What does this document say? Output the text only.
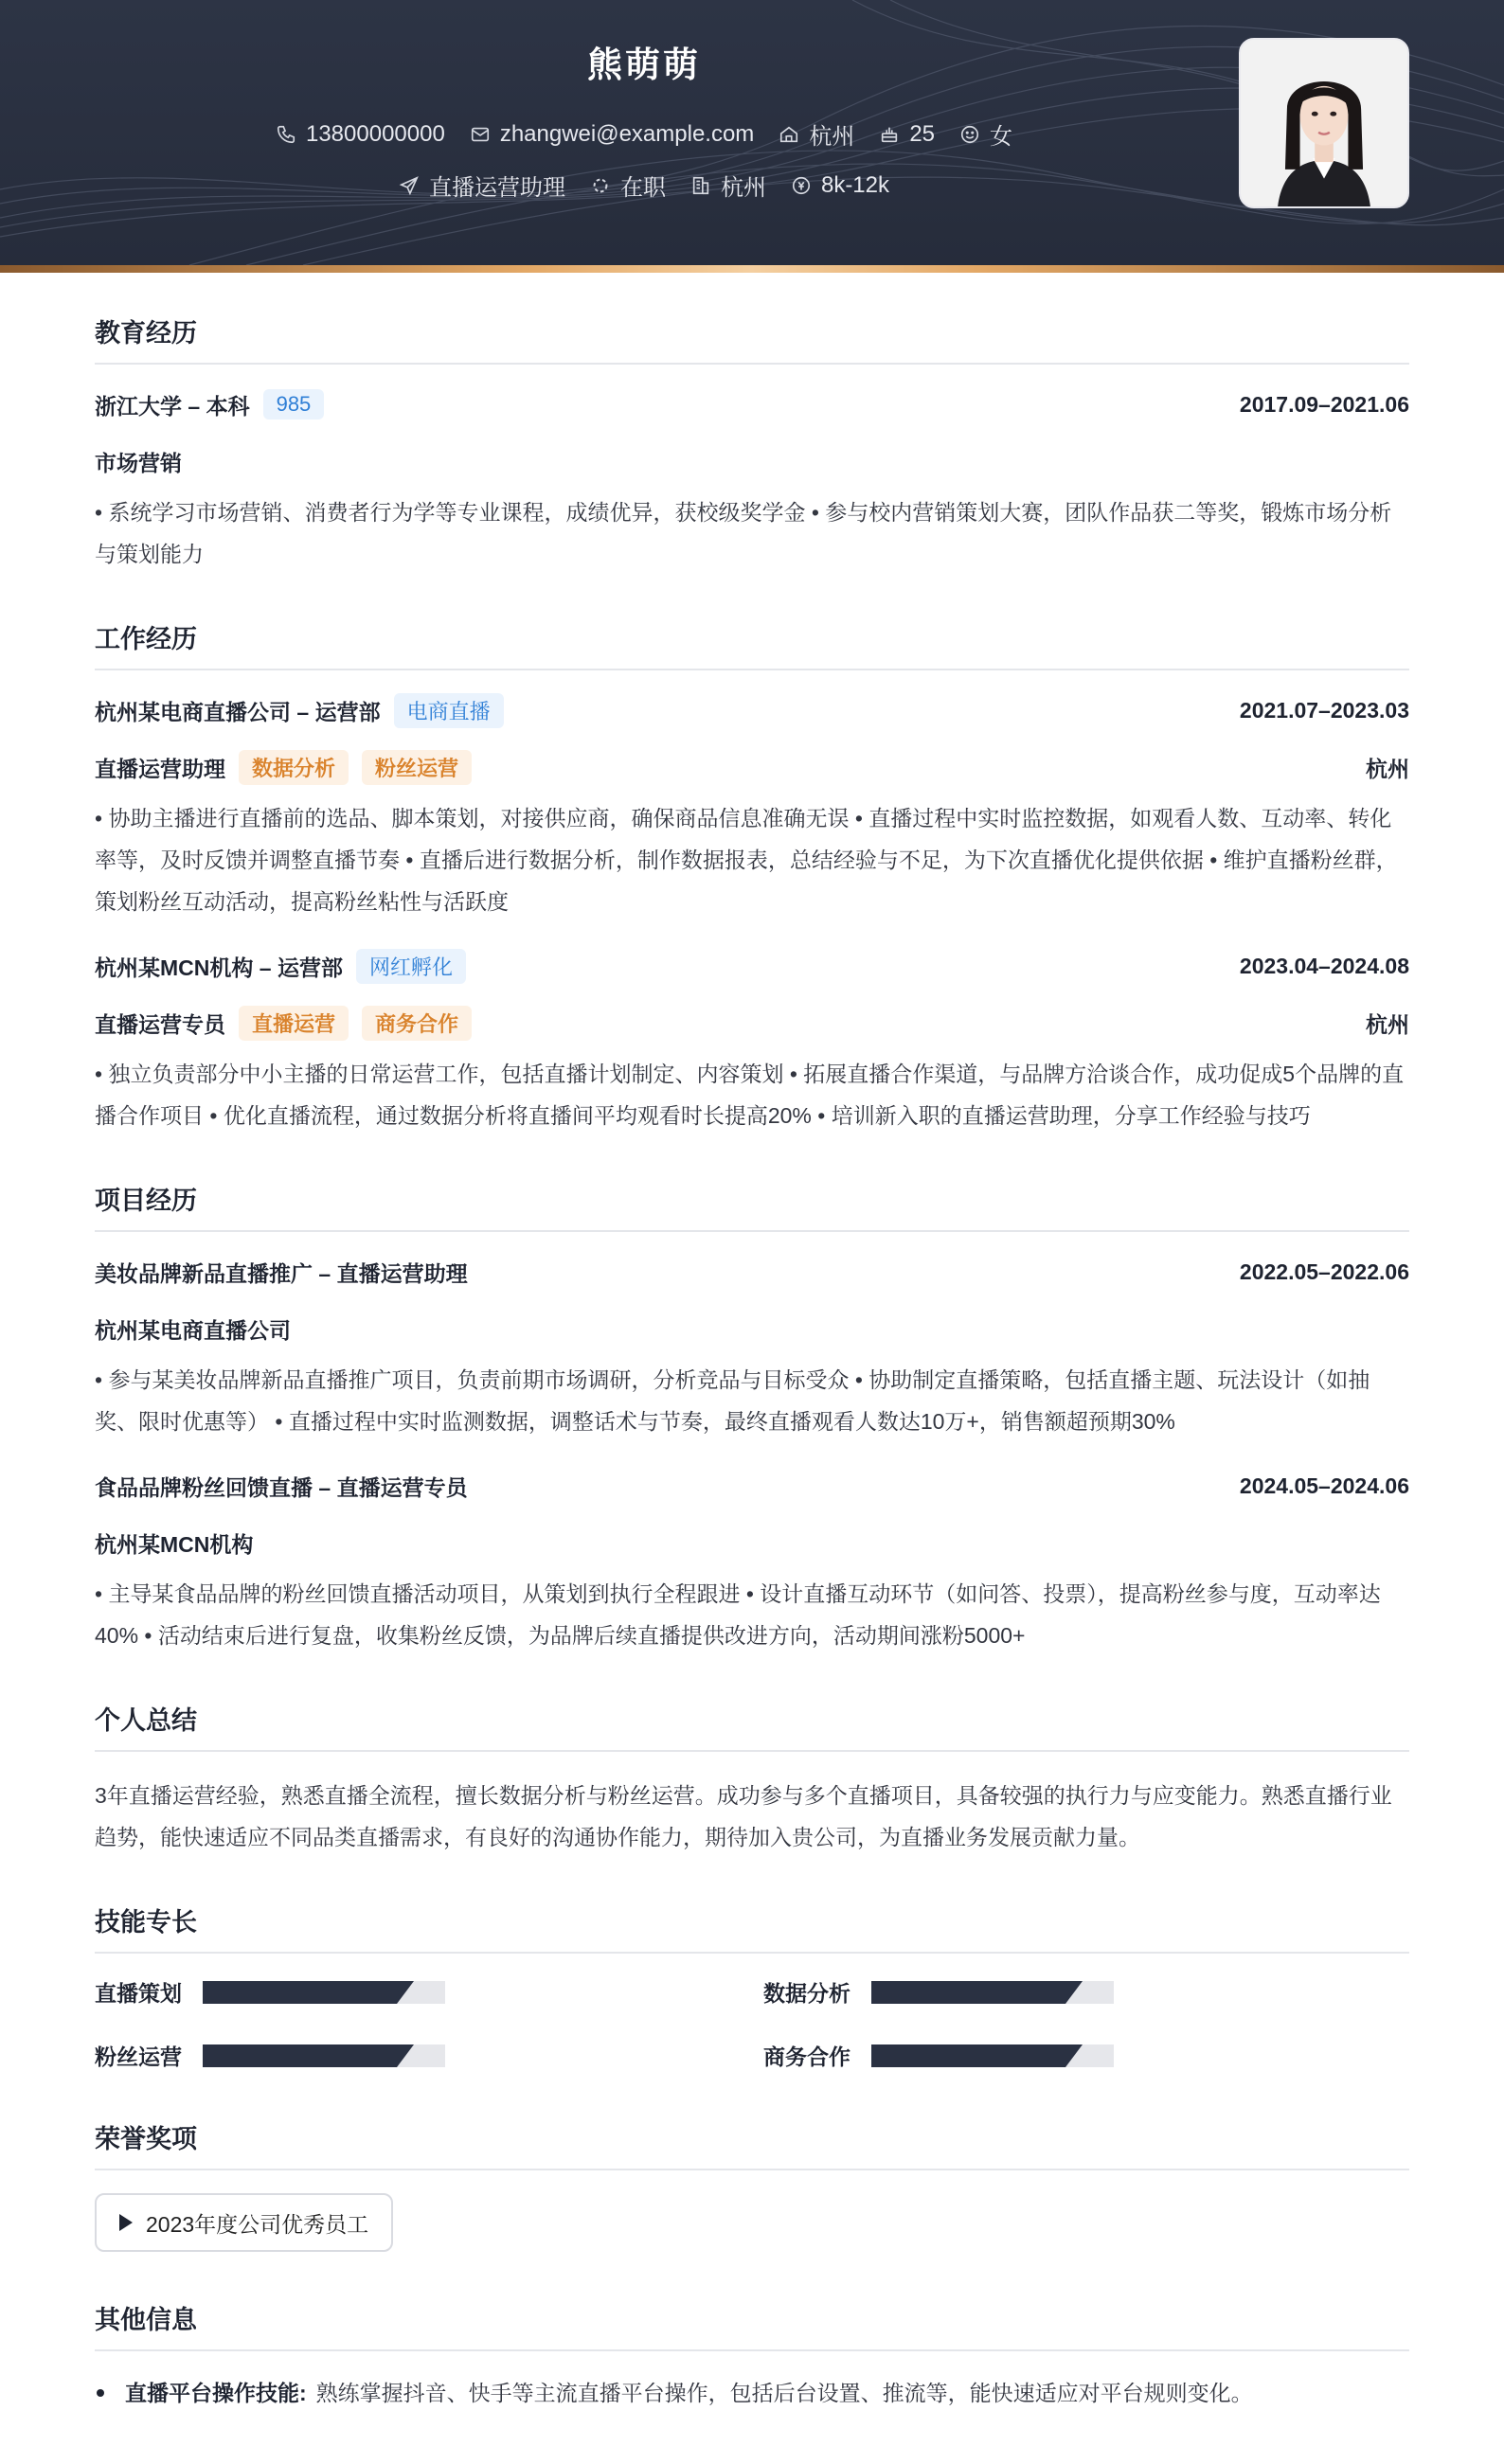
熊萌萌
13800000000 zhangwei@example.com 杭州 25 女
直播运营助理 在职 杭州 8k-12k
教育经历
浙江大学 – 本科	985	2017.09–2021.06
市场营销
• 系统学习市场营销、消费者行为学等专业课程，成绩优异，获校级奖学金 • 参与校内营销策划大赛，团队作品获二等奖，锻炼市场分析与策划能力
工作经历
杭州某电商直播公司 – 运营部	电商直播	2021.07–2023.03
直播运营助理	数据分析	粉丝运营	杭州
• 协助主播进行直播前的选品、脚本策划，对接供应商，确保商品信息准确无误 • 直播过程中实时监控数据，如观看人数、互动率、转化率等，及时反馈并调整直播节奏 • 直播后进行数据分析，制作数据报表，总结经验与不足，为下次直播优化提供依据 • 维护直播粉丝群，策划粉丝互动活动，提高粉丝粘性与活跃度
杭州某MCN机构 – 运营部	网红孵化	2023.04–2024.08
直播运营专员	直播运营	商务合作	杭州
• 独立负责部分中小主播的日常运营工作，包括直播计划制定、内容策划 • 拓展直播合作渠道，与品牌方洽谈合作，成功促成5个品牌的直播合作项目 • 优化直播流程，通过数据分析将直播间平均观看时长提高20% • 培训新入职的直播运营助理，分享工作经验与技巧
项目经历
美妆品牌新品直播推广 – 直播运营助理	2022.05–2022.06
杭州某电商直播公司
• 参与某美妆品牌新品直播推广项目，负责前期市场调研，分析竞品与目标受众 • 协助制定直播策略，包括直播主题、玩法设计（如抽奖、限时优惠等） • 直播过程中实时监测数据，调整话术与节奏，最终直播观看人数达10万+，销售额超预期30%
食品品牌粉丝回馈直播 – 直播运营专员	2024.05–2024.06
杭州某MCN机构
• 主导某食品品牌的粉丝回馈直播活动项目，从策划到执行全程跟进 • 设计直播互动环节（如问答、投票），提高粉丝参与度，互动率达40% • 活动结束后进行复盘，收集粉丝反馈，为品牌后续直播提供改进方向，活动期间涨粉5000+
个人总结
3年直播运营经验，熟悉直播全流程，擅长数据分析与粉丝运营。成功参与多个直播项目，具备较强的执行力与应变能力。熟悉直播行业趋势，能快速适应不同品类直播需求，有良好的沟通协作能力，期待加入贵公司，为直播业务发展贡献力量。
技能专长
直播策划	数据分析
粉丝运营	商务合作
荣誉奖项
2023年度公司优秀员工
其他信息
直播平台操作技能: 熟练掌握抖音、快手等主流直播平台操作，包括后台设置、推流等，能快速适应对平台规则变化。
